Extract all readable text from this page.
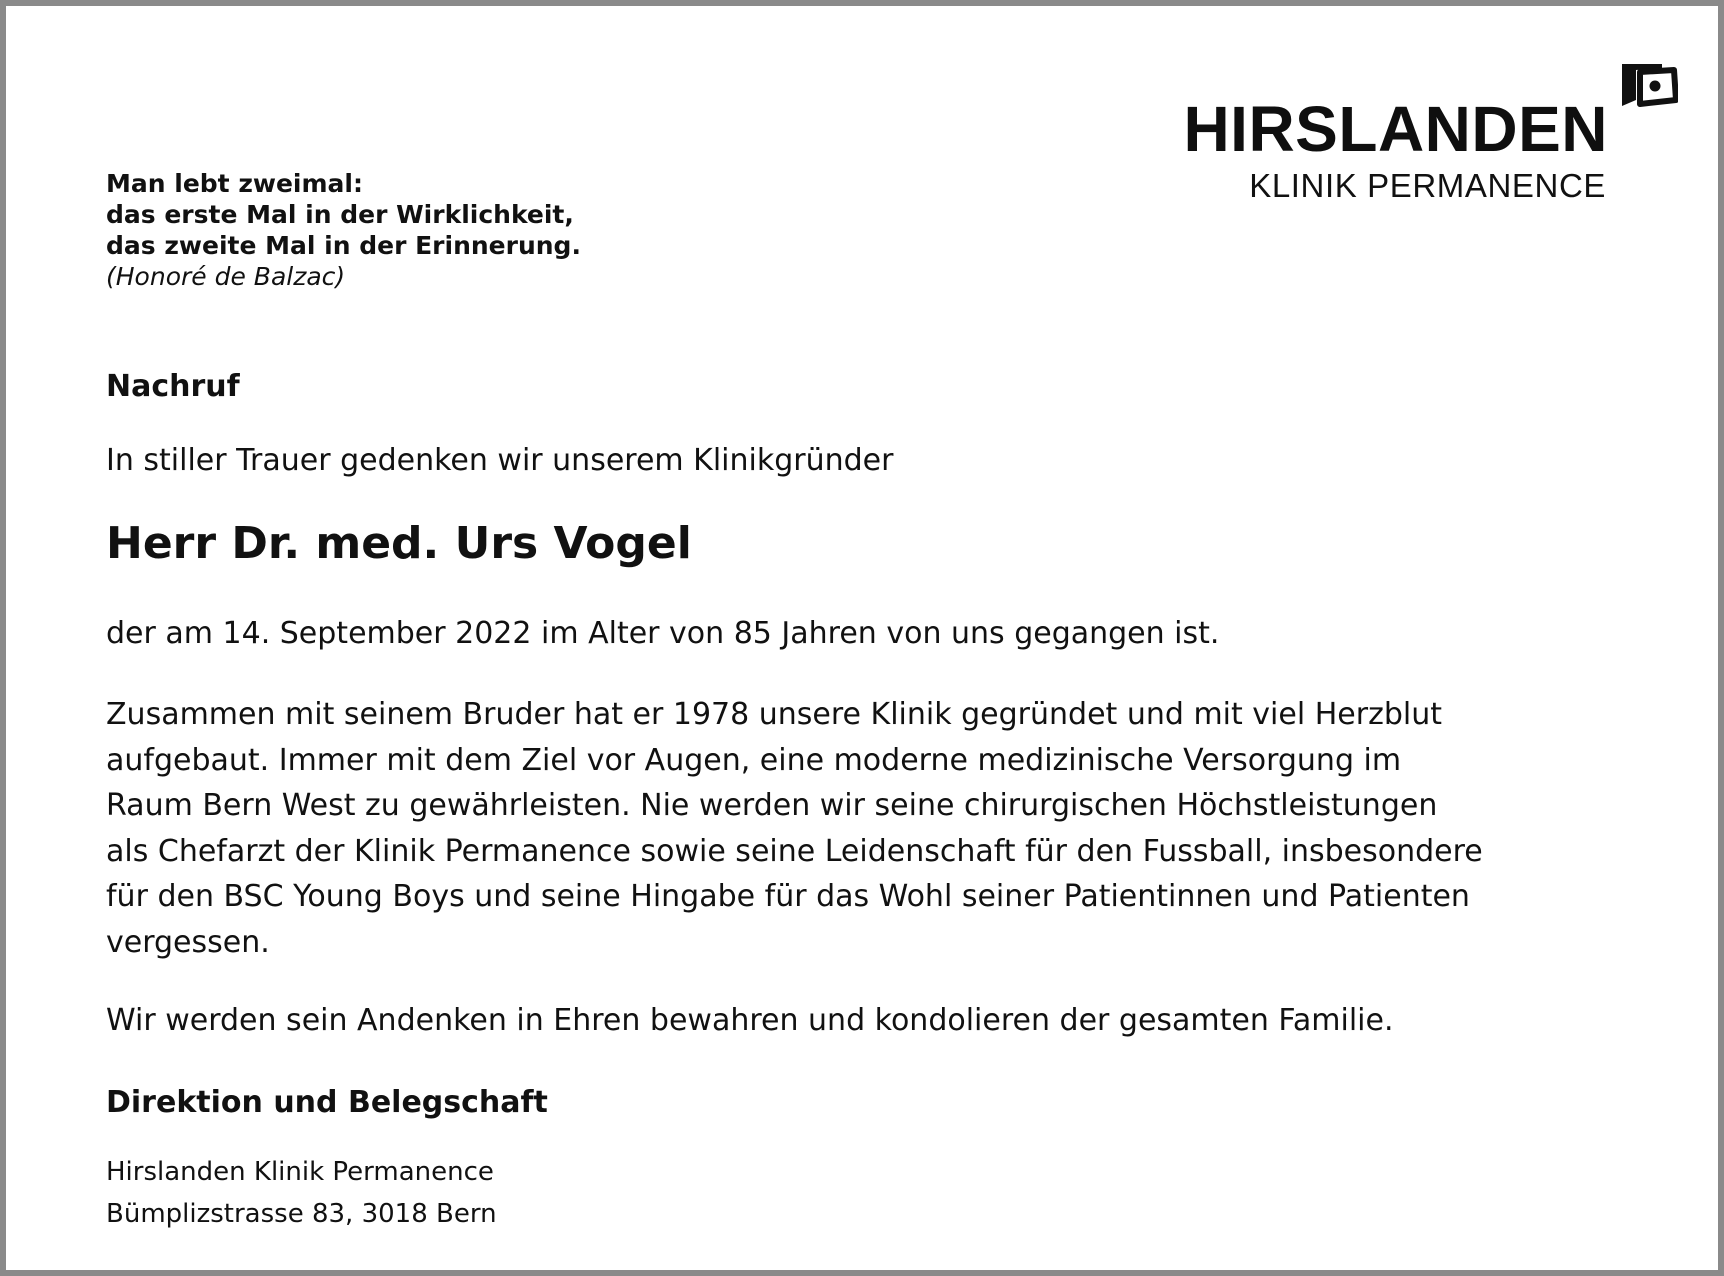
HIRSLANDEN
KLINIK PERMANENCE
Man lebt zweimal:
das erste Mal in der Wirklichkeit,
das zweite Mal in der Erinnerung.
(Honoré de Balzac)

Nachruf

In stiller Trauer gedenken wir unserem Klinikgründer

Herr Dr. med. Urs Vogel

der am 14. September 2022 im Alter von 85 Jahren von uns gegangen ist.

Zusammen mit seinem Bruder hat er 1978 unsere Klinik gegründet und mit viel Herzblut
aufgebaut. Immer mit dem Ziel vor Augen, eine moderne medizinische Versorgung im
Raum Bern West zu gewährleisten. Nie werden wir seine chirurgischen Höchstleistungen
als Chefarzt der Klinik Permanence sowie seine Leidenschaft für den Fussball, insbesondere
für den BSC Young Boys und seine Hingabe für das Wohl seiner Patientinnen und Patienten
vergessen.

Wir werden sein Andenken in Ehren bewahren und kondolieren der gesamten Familie.

Direktion und Belegschaft

Hirslanden Klinik Permanence
Bümplizstrasse 83, 3018 Bern
